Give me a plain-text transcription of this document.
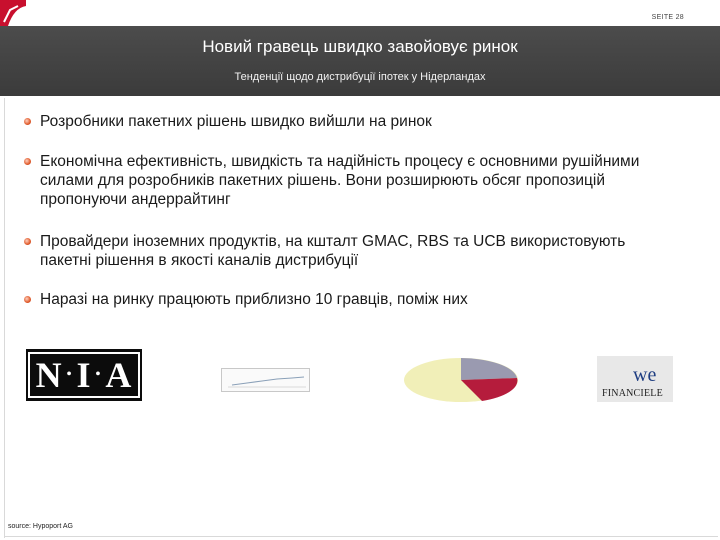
SEITE 28
Новий гравець швидко завойовує ринок
Тенденції щодо дистрибуції іпотек у Нідерландах
Розробники пакетних рішень швидко вийшли на ринок
Економічна ефективність, швидкість та надійність процесу є основними рушійними силами для розробників пакетних рішень. Вони розширюють обсяг пропозицій пропонуючи андеррайтинг
Провайдери іноземних продуктів, на кшталт GMAC, RBS та UCB використовують пакетні рішення в якості каналів дистрибуції
Наразі на ринку працюють приблизно 10 гравців, поміж них
N • I • A	we
FINANCIELE
source: Hypoport AG
